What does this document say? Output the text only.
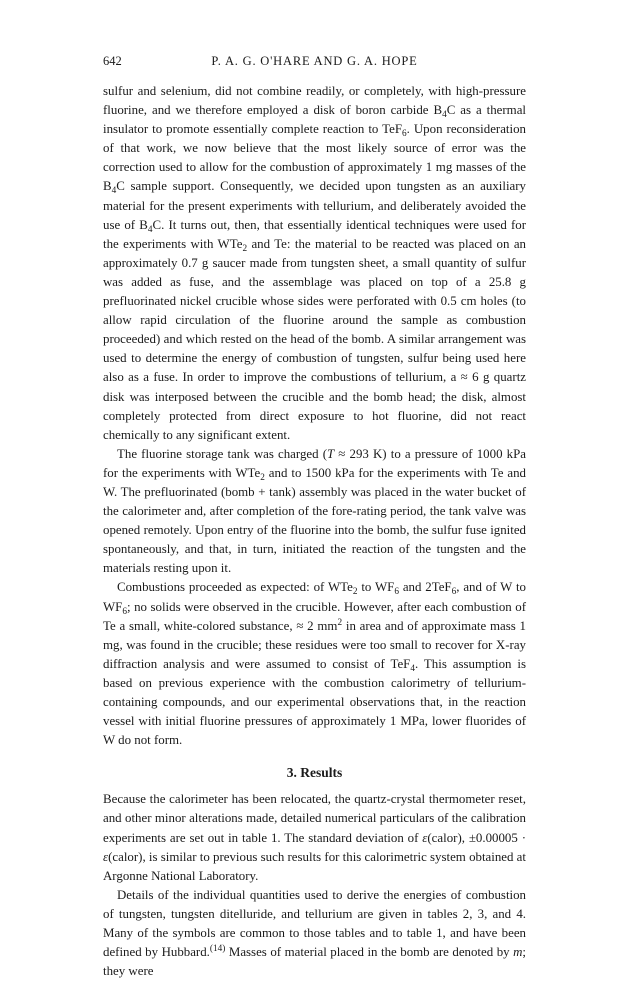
642	P. A. G. O'HARE AND G. A. HOPE

sulfur and selenium, did not combine readily, or completely, with high-pressure fluorine, and we therefore employed a disk of boron carbide $B_4C$ as a thermal insulator to promote essentially complete reaction to TeF$_6$. Upon reconsideration of that work, we now believe that the most likely source of error was the correction used to allow for the combustion of approximately 1 mg masses of the $B_4C$ sample support. Consequently, we decided upon tungsten as an auxiliary material for the present experiments with tellurium, and deliberately avoided the use of $B_4C$. It turns out, then, that essentially identical techniques were used for the experiments with WTe$_2$ and Te: the material to be reacted was placed on an approximately 0.7 g saucer made from tungsten sheet, a small quantity of sulfur was added as fuse, and the assemblage was placed on top of a 25.8 g prefluorinated nickel crucible whose sides were perforated with 0.5 cm holes (to allow rapid circulation of the fluorine around the sample as combustion proceeded) and which rested on the head of the bomb. A similar arrangement was used to determine the energy of combustion of tungsten, sulfur being used here also as a fuse. In order to improve the combustions of tellurium, a ≈ 6 g quartz disk was interposed between the crucible and the bomb head; the disk, almost completely protected from direct exposure to hot fluorine, did not react chemically to any significant extent.

The fluorine storage tank was charged (T ≈ 293 K) to a pressure of 1000 kPa for the experiments with WTe$_2$ and to 1500 kPa for the experiments with Te and W. The prefluorinated (bomb + tank) assembly was placed in the water bucket of the calorimeter and, after completion of the fore-rating period, the tank valve was opened remotely. Upon entry of the fluorine into the bomb, the sulfur fuse ignited spontaneously, and that, in turn, initiated the reaction of the tungsten and the materials resting upon it.

Combustions proceeded as expected: of WTe$_2$ to $WF_6$ and 2TeF$_6$, and of W to $WF_6$; no solids were observed in the crucible. However, after each combustion of Te a small, white-colored substance, ≈ 2 $mm^2$ in area and of approximate mass 1 mg, was found in the crucible; these residues were too small to recover for X-ray diffraction analysis and were assumed to consist of TeF$_4$. This assumption is based on previous experience with the combustion calorimetry of tellurium-containing compounds, and our experimental observations that, in the reaction vessel with initial fluorine pressures of approximately 1 MPa, lower fluorides of W do not form.

3. Results

Because the calorimeter has been relocated, the quartz-crystal thermometer reset, and other minor alterations made, detailed numerical particulars of the calibration experiments are set out in table 1. The standard deviation of ε(calor), ±0.00005 · ε(calor), is similar to previous such results for this calorimetric system obtained at Argonne National Laboratory.

Details of the individual quantities used to derive the energies of combustion of tungsten, tungsten ditelluride, and tellurium are given in tables 2, 3, and 4. Many of the symbols are common to those tables and to table 1, and have been defined by Hubbard.$^{(14)}$ Masses of material placed in the bomb are denoted by m; they were
